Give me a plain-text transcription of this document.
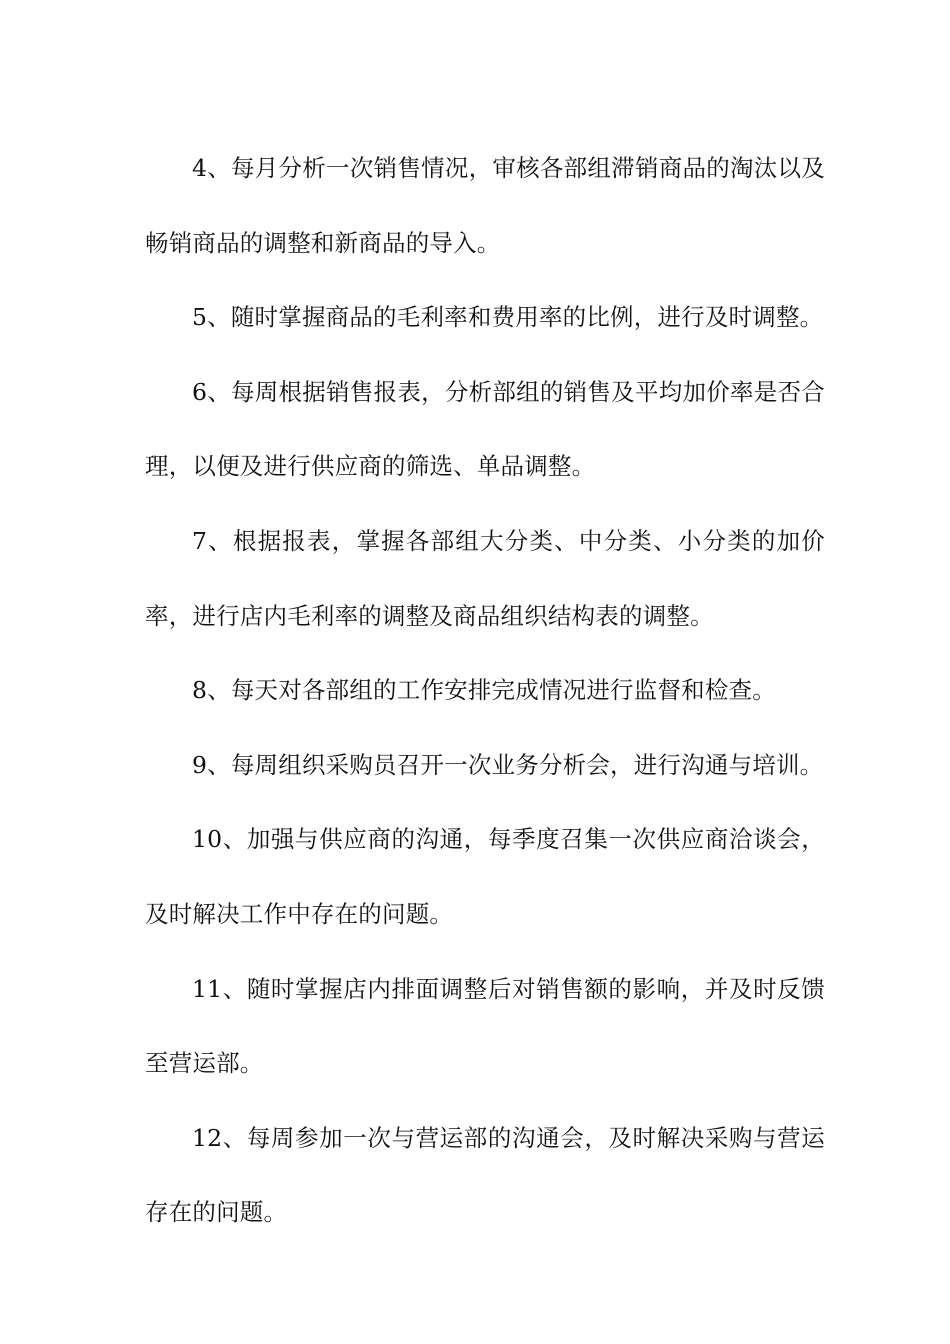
4、每月分析一次销售情况，审核各部组滞销商品的淘汰以及畅销商品的调整和新商品的导入。

5、随时掌握商品的毛利率和费用率的比例，进行及时调整。

6、每周根据销售报表，分析部组的销售及平均加价率是否合理，以便及进行供应商的筛选、单品调整。

7、根据报表，掌握各部组大分类、中分类、小分类的加价率，进行店内毛利率的调整及商品组织结构表的调整。

8、每天对各部组的工作安排完成情况进行监督和检查。

9、每周组织采购员召开一次业务分析会，进行沟通与培训。

10、加强与供应商的沟通，每季度召集一次供应商洽谈会，及时解决工作中存在的问题。

11、随时掌握店内排面调整后对销售额的影响，并及时反馈至营运部。

12、每周参加一次与营运部的沟通会，及时解决采购与营运存在的问题。
